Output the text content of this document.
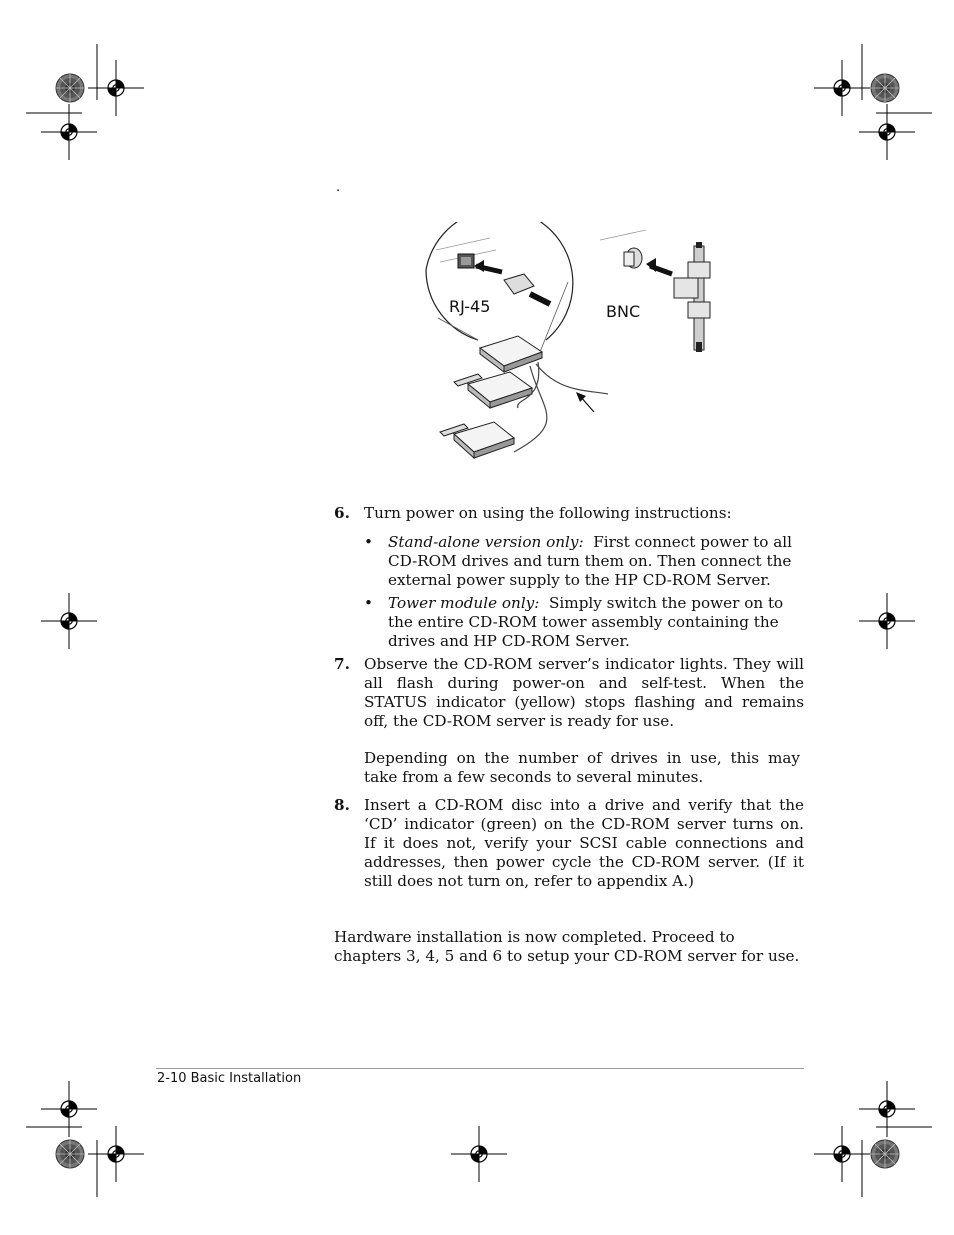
.
RJ-45	BNC
6. Turn power on using the following instructions:
• Stand-alone version only: First connect power to all CD-ROM drives and turn them on. Then connect the external power supply to the HP CD-ROM Server.
• Tower module only: Simply switch the power on to the entire CD-ROM tower assembly containing the drives and HP CD-ROM Server.
7. Observe the CD-ROM server’s indicator lights. They will all flash during power-on and self-test. When the STATUS indicator (yellow) stops flashing and remains off, the CD-ROM server is ready for use.
Depending on the number of drives in use, this may take from a few seconds to several minutes.
8. Insert a CD-ROM disc into a drive and verify that the ‘CD’ indicator (green) on the CD-ROM server turns on. If it does not, verify your SCSI cable connections and addresses, then power cycle the CD-ROM server. (If it still does not turn on, refer to appendix A.)
Hardware installation is now completed. Proceed to chapters 3, 4, 5 and 6 to setup your CD-ROM server for use.
2-10 Basic Installation
